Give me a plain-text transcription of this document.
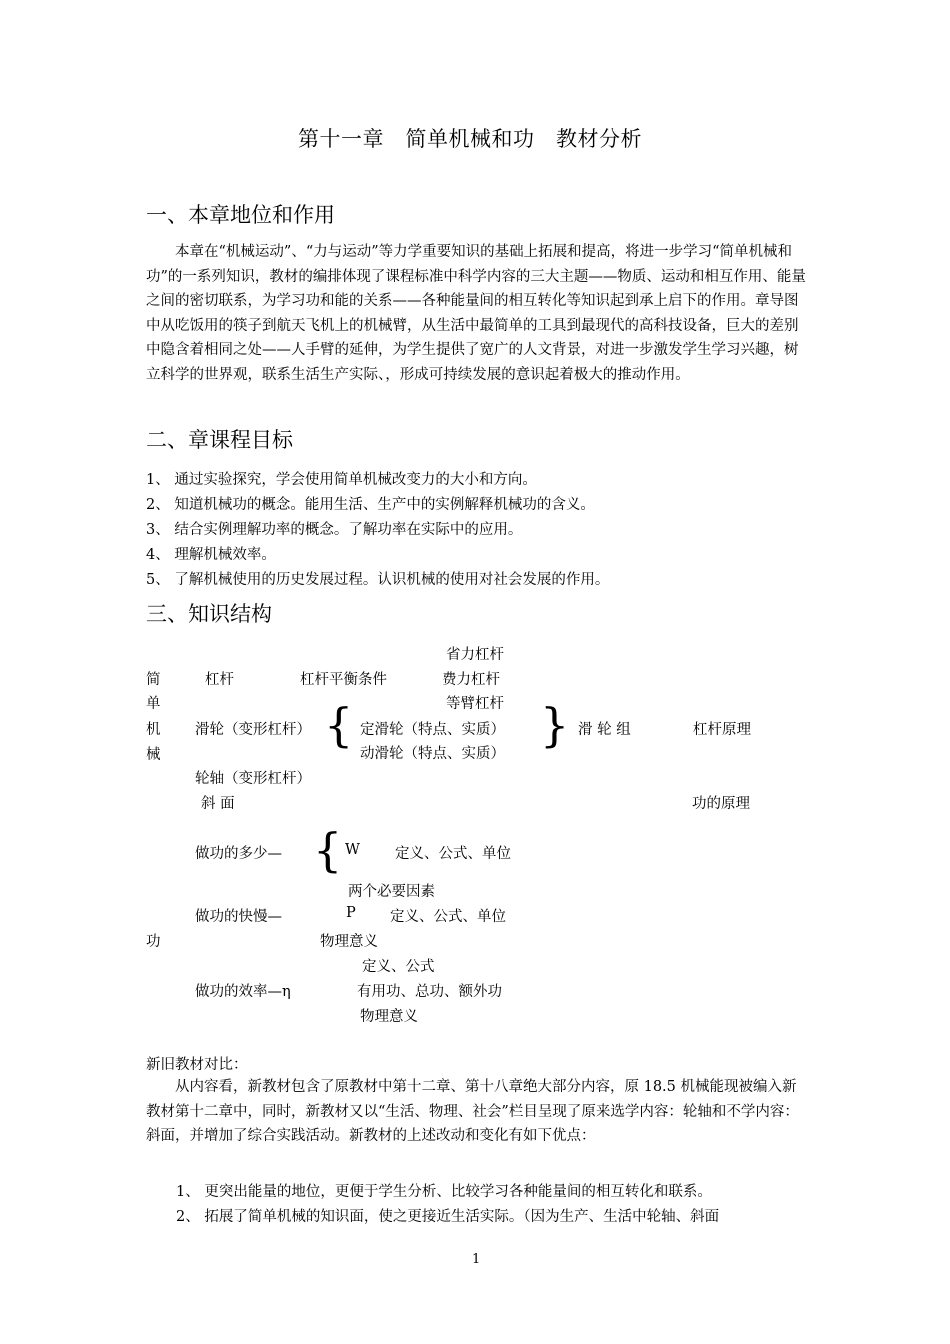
第十一章　简单机械和功　教材分析
一、本章地位和作用
本章在“机械运动”、“力与运动”等力学重要知识的基础上拓展和提高，将进一步学习“简单机械和功”的一系列知识，教材的编排体现了课程标准中科学内容的三大主题——物质、运动和相互作用、能量之间的密切联系，为学习功和能的关系——各种能量间的相互转化等知识起到承上启下的作用。章导图中从吃饭用的筷子到航天飞机上的机械臂，从生活中最简单的工具到最现代的高科技设备，巨大的差别中隐含着相同之处——人手臂的延伸，为学生提供了宽广的人文背景，对进一步激发学生学习兴趣，树立科学的世界观，联系生活生产实际、，形成可持续发展的意识起着极大的推动作用。
二、章课程目标
1、 通过实验探究，学会使用简单机械改变力的大小和方向。
2、 知道机械功的概念。能用生活、生产中的实例解释机械功的含义。
3、 结合实例理解功率的概念。了解功率在实际中的应用。
4、 理解机械效率。
5、 了解机械使用的历史发展过程。认识机械的使用对社会发展的作用。
三、知识结构
简
单
机
械
杠杆	杠杆平衡条件
省力杠杆
费力杠杆
等臂杠杆
滑轮（变形杠杆） { 定滑轮（特点、实质）
动滑轮（特点、实质）
} 滑 轮 组	杠杆原理
轮轴（变形杠杆）
斜 面	功的原理
做功的多少— { W 定义、公式、单位
两个必要因素
做功的快慢—	P 定义、公式、单位
功	物理意义
定义、公式
做功的效率—η	有用功、总功、额外功
物理意义
新旧教材对比：
从内容看，新教材包含了原教材中第十二章、第十八章绝大部分内容，原 18.5 机械能现被编入新教材第十二章中，同时，新教材又以“生活、物理、社会”栏目呈现了原来选学内容：轮轴和不学内容：斜面，并增加了综合实践活动。新教材的上述改动和变化有如下优点：
1、 更突出能量的地位，更便于学生分析、比较学习各种能量间的相互转化和联系。
2、 拓展了简单机械的知识面，使之更接近生活实际。（因为生产、生活中轮轴、斜面
1
